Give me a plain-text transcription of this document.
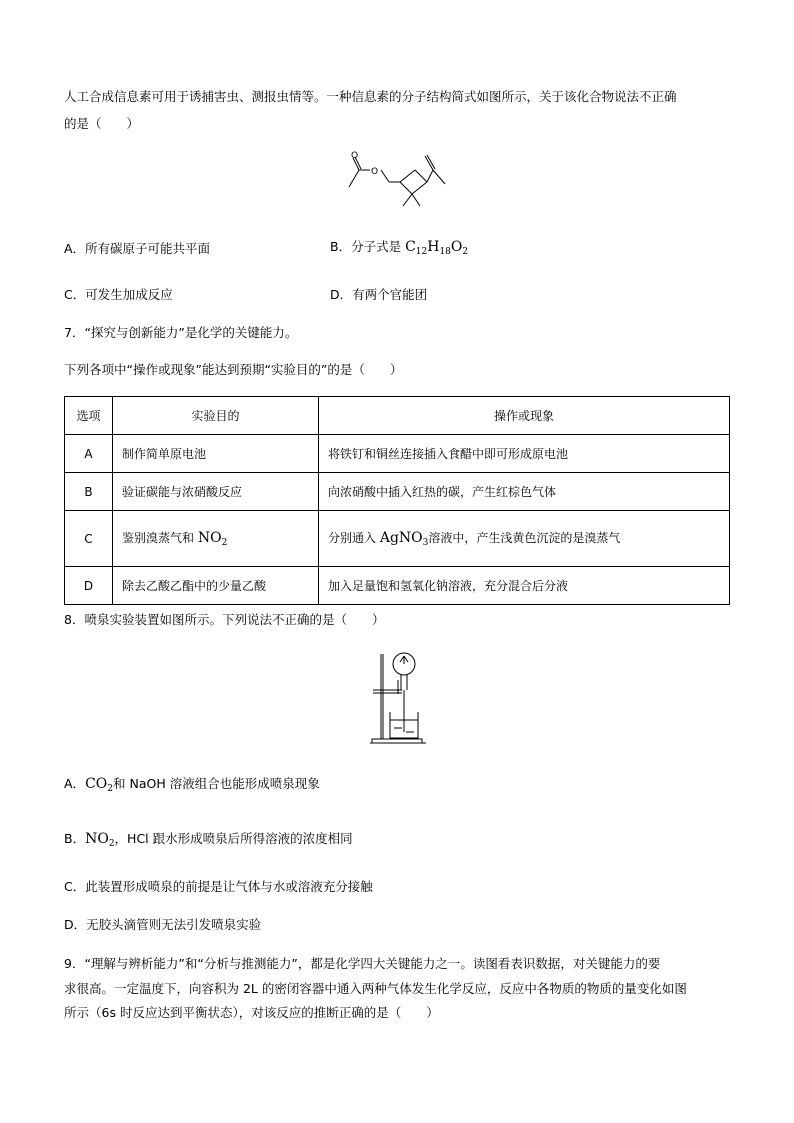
人工合成信息素可用于诱捕害虫、测报虫情等。一种信息素的分子结构简式如图所示，关于该化合物说法不正确
的是（　　）
O
O
A．所有碳原子可能共平面	B．分子式是 $C_{12}H_{18}O_2$
C．可发生加成反应	D．有两个官能团
7．“探究与创新能力”是化学的关键能力。
下列各项中“操作或现象”能达到预期“实验目的”的是（　　）
选项	实验目的	操作或现象
A	制作简单原电池	将铁钉和铜丝连接插入食醋中即可形成原电池
B	验证碳能与浓硝酸反应	向浓硝酸中插入红热的碳，产生红棕色气体
C	鉴别溴蒸气和 $NO_2$	分别通入 AgNO$_3$溶液中，产生浅黄色沉淀的是溴蒸气
D	除去乙酸乙酯中的少量乙酸	加入足量饱和氢氧化钠溶液，充分混合后分液
8．喷泉实验装置如图所示。下列说法不正确的是（　　）
A．$CO_2$和 NaOH 溶液组合也能形成喷泉现象
B．$NO_2$，HCl 跟水形成喷泉后所得溶液的浓度相同
C．此装置形成喷泉的前提是让气体与水或溶液充分接触
D．无胶头滴管则无法引发喷泉实验
9．“理解与辨析能力”和“分析与推测能力”，都是化学四大关键能力之一。读图看表识数据，对关键能力的要
求很高。一定温度下，向容积为 2L 的密闭容器中通入两种气体发生化学反应，反应中各物质的物质的量变化如图
所示（6s 时反应达到平衡状态），对该反应的推断正确的是（　　）
